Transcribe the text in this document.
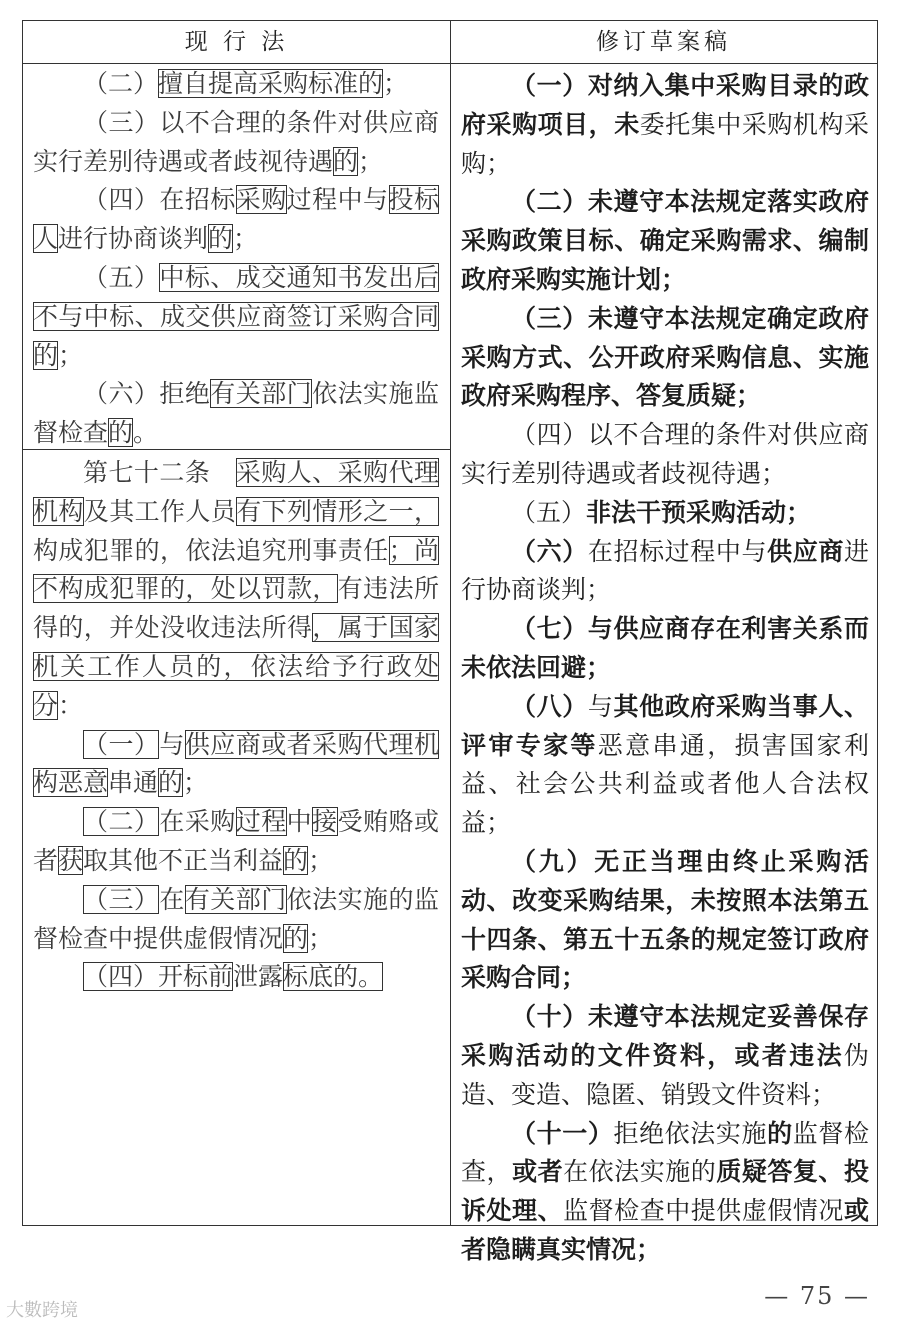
现 行 法	修订草案稿

（二）擅自提高采购标准的；

（三）以不合理的条件对供应商实行差别待遇或者歧视待遇的；

（四）在招标采购过程中与投标人进行协商谈判的；

（五）中标、成交通知书发出后不与中标、成交供应商签订采购合同的；

（六）拒绝有关部门依法实施监督检查的。

第七十二条　采购人、采购代理机构及其工作人员有下列情形之一，构成犯罪的，依法追究刑事责任；尚不构成犯罪的，处以罚款，有违法所得的，并处没收违法所得，属于国家机关工作人员的，依法给予行政处分：

（一）与供应商或者采购代理机构恶意串通的；

（二）在采购过程中接受贿赂或者获取其他不正当利益的；

（三）在有关部门依法实施的监督检查中提供虚假情况的；

（四）开标前泄露标底的。

（一）对纳入集中采购目录的政府采购项目，未委托集中采购机构采购；

（二）未遵守本法规定落实政府采购政策目标、确定采购需求、编制政府采购实施计划；

（三）未遵守本法规定确定政府采购方式、公开政府采购信息、实施政府采购程序、答复质疑；

（四）以不合理的条件对供应商实行差别待遇或者歧视待遇；

（五）非法干预采购活动；

（六）在招标过程中与供应商进行协商谈判；

（七）与供应商存在利害关系而未依法回避；

（八）与其他政府采购当事人、评审专家等恶意串通，损害国家利益、社会公共利益或者他人合法权益；

（九）无正当理由终止采购活动、改变采购结果，未按照本法第五十四条、第五十五条的规定签订政府采购合同；

（十）未遵守本法规定妥善保存采购活动的文件资料，或者违法伪造、变造、隐匿、销毁文件资料；

（十一）拒绝依法实施的监督检查，或者在依法实施的质疑答复、投诉处理、监督检查中提供虚假情况或者隐瞒真实情况；

— 75 —
大數跨境
